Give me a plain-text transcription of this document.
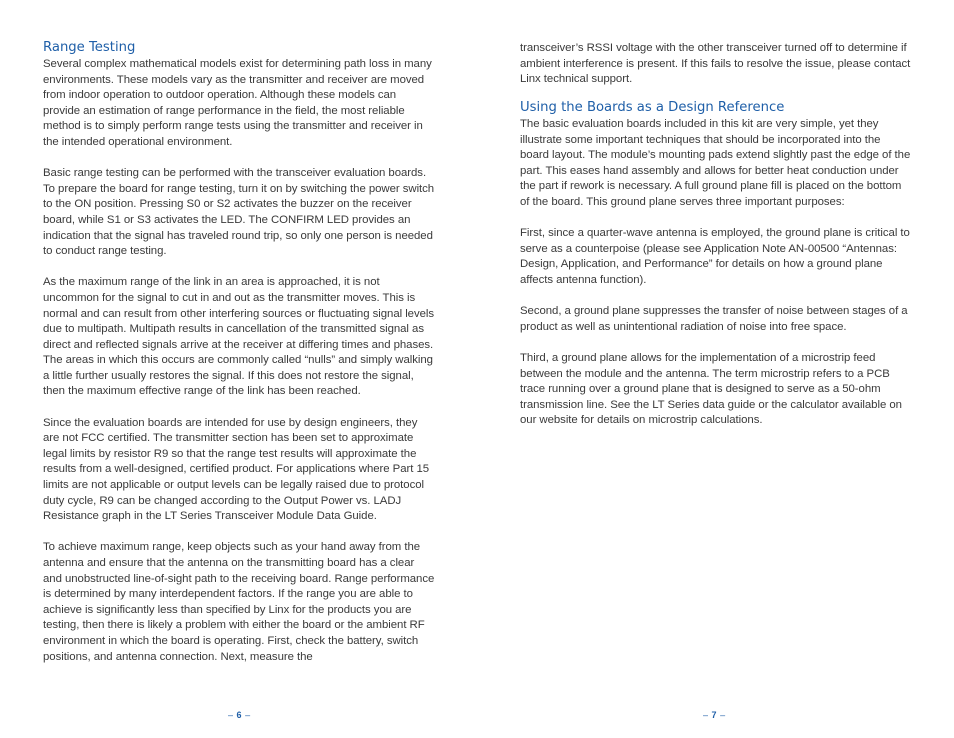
Range Testing

Several complex mathematical models exist for determining path loss in many environments. These models vary as the transmitter and receiver are moved from indoor operation to outdoor operation. Although these models can provide an estimation of range performance in the field, the most reliable method is to simply perform range tests using the transmitter and receiver in the intended operational environment.

Basic range testing can be performed with the transceiver evaluation boards. To prepare the board for range testing, turn it on by switching the power switch to the ON position. Pressing S0 or S2 activates the buzzer on the receiver board, while S1 or S3 activates the LED. The CONFIRM LED provides an indication that the signal has traveled round trip, so only one person is needed to conduct range testing.

As the maximum range of the link in an area is approached, it is not uncommon for the signal to cut in and out as the transmitter moves. This is normal and can result from other interfering sources or fluctuating signal levels due to multipath. Multipath results in cancellation of the transmitted signal as direct and reflected signals arrive at the receiver at differing times and phases. The areas in which this occurs are commonly called “nulls” and simply walking a little further usually restores the signal. If this does not restore the signal, then the maximum effective range of the link has been reached.

Since the evaluation boards are intended for use by design engineers, they are not FCC certified. The transmitter section has been set to approximate legal limits by resistor R9 so that the range test results will approximate the results from a well-designed, certified product. For applications where Part 15 limits are not applicable or output levels can be legally raised due to protocol duty cycle, R9 can be changed according to the Output Power vs. LADJ Resistance graph in the LT Series Transceiver Module Data Guide.

To achieve maximum range, keep objects such as your hand away from the antenna and ensure that the antenna on the transmitting board has a clear and unobstructed line-of-sight path to the receiving board. Range performance is determined by many interdependent factors. If the range you are able to achieve is significantly less than specified by Linx for the products you are testing, then there is likely a problem with either the board or the ambient RF environment in which the board is operating. First, check the battery, switch positions, and antenna connection. Next, measure the

transceiver’s RSSI voltage with the other transceiver turned off to determine if ambient interference is present. If this fails to resolve the issue, please contact Linx technical support.

Using the Boards as a Design Reference

The basic evaluation boards included in this kit are very simple, yet they illustrate some important techniques that should be incorporated into the board layout. The module’s mounting pads extend slightly past the edge of the part. This eases hand assembly and allows for better heat conduction under the part if rework is necessary. A full ground plane fill is placed on the bottom of the board. This ground plane serves three important purposes:

First, since a quarter-wave antenna is employed, the ground plane is critical to serve as a counterpoise (please see Application Note AN-00500 “Antennas: Design, Application, and Performance” for details on how a ground plane affects antenna function).

Second, a ground plane suppresses the transfer of noise between stages of a product as well as unintentional radiation of noise into free space.

Third, a ground plane allows for the implementation of a microstrip feed between the module and the antenna. The term microstrip refers to a PCB trace running over a ground plane that is designed to serve as a 50-ohm transmission line. See the LT Series data guide or the calculator available on our website for details on microstrip calculations.

– 6 –	– 7 –
